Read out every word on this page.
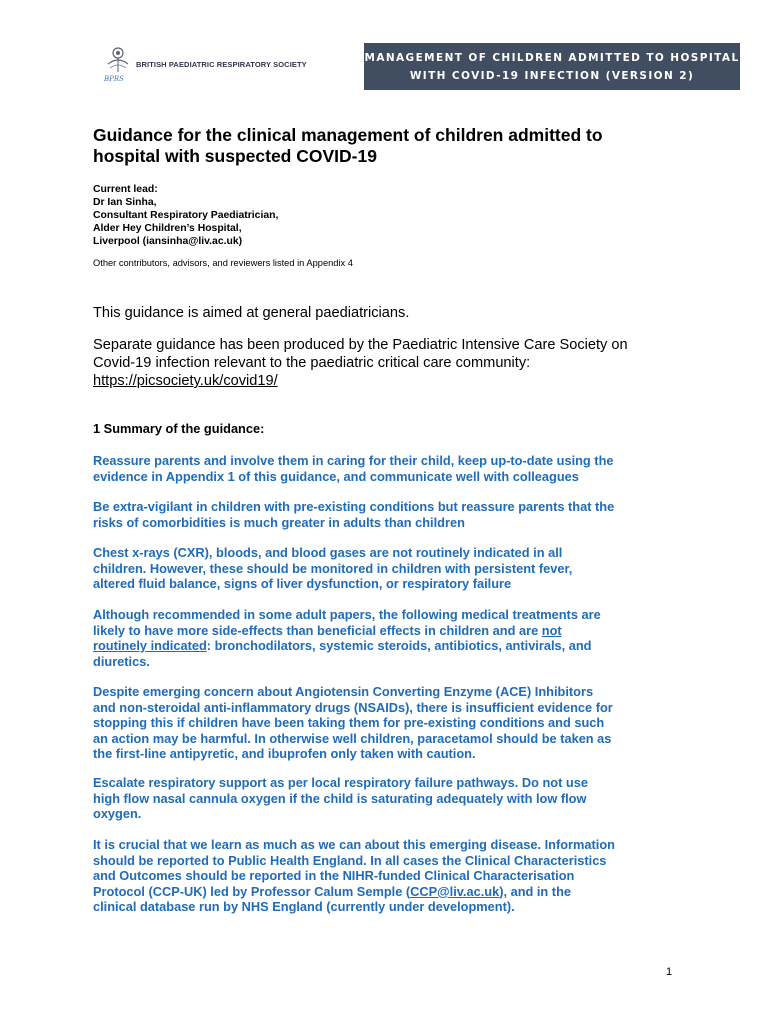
BPRS
BRITISH PAEDIATRIC RESPIRATORY SOCIETY
MANAGEMENT OF CHILDREN ADMITTED TO HOSPITAL
WITH COVID-19 INFECTION (VERSION 2)
Guidance for the clinical management of children admitted to
hospital with suspected COVID-19
Current lead:
Dr Ian Sinha,
Consultant Respiratory Paediatrician,
Alder Hey Children’s Hospital,
Liverpool (iansinha@liv.ac.uk)
Other contributors, advisors, and reviewers listed in Appendix 4
This guidance is aimed at general paediatricians.
Separate guidance has been produced by the Paediatric Intensive Care Society on
Covid-19 infection relevant to the paediatric critical care community:
https://picsociety.uk/covid19/
1 Summary of the guidance:
Reassure parents and involve them in caring for their child, keep up-to-date using the
evidence in Appendix 1 of this guidance, and communicate well with colleagues
Be extra-vigilant in children with pre-existing conditions but reassure parents that the
risks of comorbidities is much greater in adults than children
Chest x-rays (CXR), bloods, and blood gases are not routinely indicated in all
children. However, these should be monitored in children with persistent fever,
altered fluid balance, signs of liver dysfunction, or respiratory failure
Although recommended in some adult papers, the following medical treatments are
likely to have more side-effects than beneficial effects in children and are not
routinely indicated: bronchodilators, systemic steroids, antibiotics, antivirals, and
diuretics.
Despite emerging concern about Angiotensin Converting Enzyme (ACE) Inhibitors
and non-steroidal anti-inflammatory drugs (NSAIDs), there is insufficient evidence for
stopping this if children have been taking them for pre-existing conditions and such
an action may be harmful. In otherwise well children, paracetamol should be taken as
the first-line antipyretic, and ibuprofen only taken with caution.
Escalate respiratory support as per local respiratory failure pathways. Do not use
high flow nasal cannula oxygen if the child is saturating adequately with low flow
oxygen.
It is crucial that we learn as much as we can about this emerging disease. Information
should be reported to Public Health England. In all cases the Clinical Characteristics
and Outcomes should be reported in the NIHR-funded Clinical Characterisation
Protocol (CCP-UK) led by Professor Calum Semple (CCP@liv.ac.uk), and in the
clinical database run by NHS England (currently under development).
1
